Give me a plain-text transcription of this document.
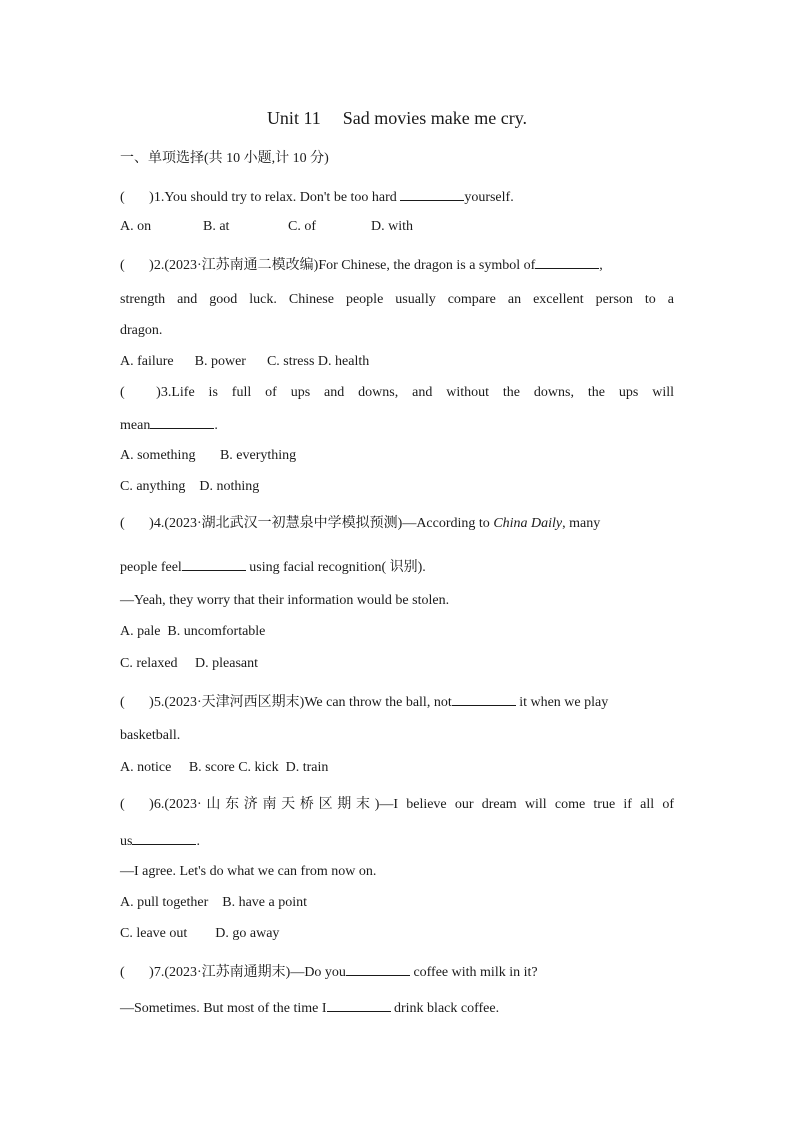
Unit 11 Sad movies make me cry.
一、单项选择(共 10 小题,计 10 分)
(       )1.You should try to relax. Don't be too hard	yourself.
A. on	B. at	C. of	D. with
(       )2.(2023·江苏南通二模改编)For Chinese, the dragon is a symbol of	,
strength and good luck. Chinese people usually compare an excellent person to a
dragon.
A. failure      B. power      C. stress D. health
(         )3.Life is full of ups and downs, and without the downs, the ups will
mean	.
A. something       B. everything
C. anything    D. nothing
(       )4.(2023·湖北武汉一初慧泉中学模拟预测)—According to China Daily, many
people feel	using facial recognition( 识别).
—Yeah, they worry that their information would be stolen.
A. pale  B. uncomfortable
C. relaxed     D. pleasant
(       )5.(2023·天津河西区期末)We can throw the ball, not	it when we play
basketball.
A. notice     B. score C. kick  D. train
(       )6.(2023·山东济南天桥区期末)—I believe our dream will come true if all of
us	.
—I agree. Let's do what we can from now on.
A. pull together    B. have a point
C. leave out        D. go away
(       )7.(2023·江苏南通期末)—Do you	coffee with milk in it?
—Sometimes. But most of the time I	drink black coffee.
